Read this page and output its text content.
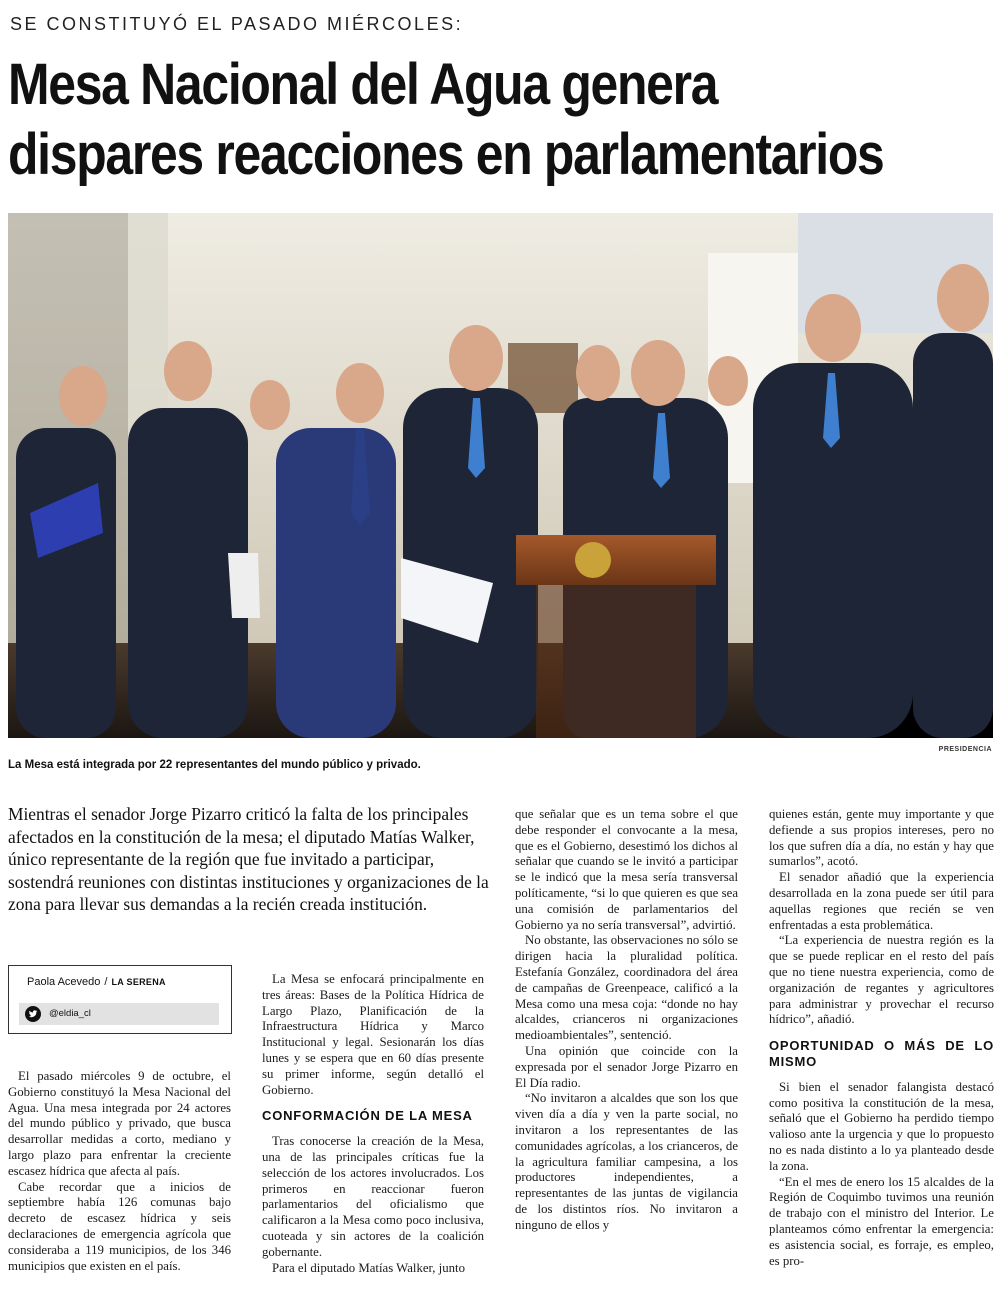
SE CONSTITUYÓ EL PASADO MIÉRCOLES:
Mesa Nacional del Agua genera
dispares reacciones en parlamentarios
PRESIDENCIA
La Mesa está integrada por 22 representantes del mundo público y privado.

Mientras el senador Jorge Pizarro criticó la falta de los principales afectados en la constitución de la mesa; el diputado Matías Walker, único representante de la región que fue invitado a participar, sostendrá reuniones con distintas instituciones y organizaciones de la zona para llevar sus demandas a la recién creada institución.

Paola Acevedo / LA SERENA
@eldia_cl

El pasado miércoles 9 de octubre, el Gobierno constituyó la Mesa Nacional del Agua. Una mesa integrada por 24 actores del mundo público y privado, que busca desarrollar medidas a corto, mediano y largo plazo para enfrentar la creciente escasez hídrica que afecta al país.

Cabe recordar que a inicios de septiembre había 126 comunas bajo decreto de escasez hídrica y seis declaraciones de emergencia agrícola que consideraba a 119 municipios, de los 346 municipios que existen en el país.

La Mesa se enfocará principalmente en tres áreas: Bases de la Política Hídrica de Largo Plazo, Planificación de la Infraestructura Hídrica y Marco Institucional y legal. Sesionarán los días lunes y se espera que en 60 días presente su primer informe, según detalló el Gobierno.

CONFORMACIÓN DE LA MESA

Tras conocerse la creación de la Mesa, una de las principales críticas fue la selección de los actores involucrados. Los primeros en reaccionar fueron parlamentarios del oficialismo que calificaron a la Mesa como poco inclusiva, cuoteada y sin actores de la coalición gobernante.

Para el diputado Matías Walker, junto

que señalar que es un tema sobre el que debe responder el convocante a la mesa, que es el Gobierno, desestimó los dichos al señalar que cuando se le invitó a participar se le indicó que la mesa sería transversal políticamente, “si lo que quieren es que sea una comisión de parlamentarios del Gobierno ya no sería transversal”, advirtió.

No obstante, las observaciones no sólo se dirigen hacia la pluralidad política. Estefanía González, coordinadora del área de campañas de Greenpeace, calificó a la Mesa como una mesa coja: “donde no hay alcaldes, crianceros ni organizaciones medioambientales”, sentenció.

Una opinión que coincide con la expresada por el senador Jorge Pizarro en El Día radio.

“No invitaron a alcaldes que son los que viven día a día y ven la parte social, no invitaron a los representantes de las comunidades agrícolas, a los crianceros, de la agricultura familiar campesina, a los productores independientes, a representantes de las juntas de vigilancia de los distintos ríos. No invitaron a ninguno de ellos y

quienes están, gente muy importante y que defiende a sus propios intereses, pero no los que sufren día a día, no están y hay que sumarlos”, acotó.

El senador añadió que la experiencia desarrollada en la zona puede ser útil para aquellas regiones que recién se ven enfrentadas a esta problemática.

“La experiencia de nuestra región es la que se puede replicar en el resto del país que no tiene nuestra experiencia, como de organización de regantes y agricultores para administrar y provechar el recurso hídrico”, añadió.

OPORTUNIDAD O MÁS DE LO MISMO

Si bien el senador falangista destacó como positiva la constitución de la mesa, señaló que el Gobierno ha perdido tiempo valioso ante la urgencia y que lo propuesto no es nada distinto a lo ya planteado desde la zona.

“En el mes de enero los 15 alcaldes de la Región de Coquimbo tuvimos una reunión de trabajo con el ministro del Interior. Le planteamos cómo enfrentar la emergencia: es asistencia social, es forraje, es empleo, es pro-
